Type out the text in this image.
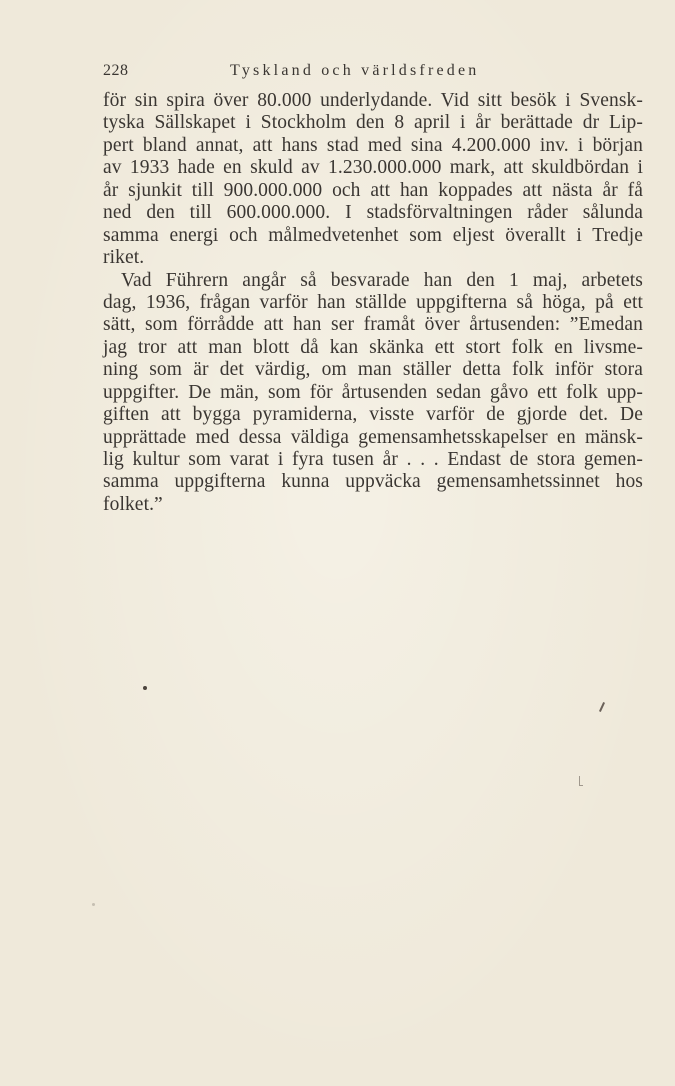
228	Tyskland och världsfreden
för sin spira över 80.000 underlydande. Vid sitt besök i Svensk-
tyska Sällskapet i Stockholm den 8 april i år berättade dr Lip-
pert bland annat, att hans stad med sina 4.200.000 inv. i början
av 1933 hade en skuld av 1.230.000.000 mark, att skuldbördan i
år sjunkit till 900.000.000 och att han koppades att nästa år få
ned den till 600.000.000. I stadsförvaltningen råder sålunda
samma energi och målmedvetenhet som eljest överallt i Tredje
riket.
Vad Führern angår så besvarade han den 1 maj, arbetets
dag, 1936, frågan varför han ställde uppgifterna så höga, på ett
sätt, som förrådde att han ser framåt över årtusenden: ”Emedan
jag tror att man blott då kan skänka ett stort folk en livsme-
ning som är det värdig, om man ställer detta folk inför stora
uppgifter. De män, som för årtusenden sedan gåvo ett folk upp-
giften att bygga pyramiderna, visste varför de gjorde det. De
upprättade med dessa väldiga gemensamhetsskapelser en mänsk-
lig kultur som varat i fyra tusen år . . . Endast de stora gemen-
samma uppgifterna kunna uppväcka gemensamhetssinnet hos
folket.”
